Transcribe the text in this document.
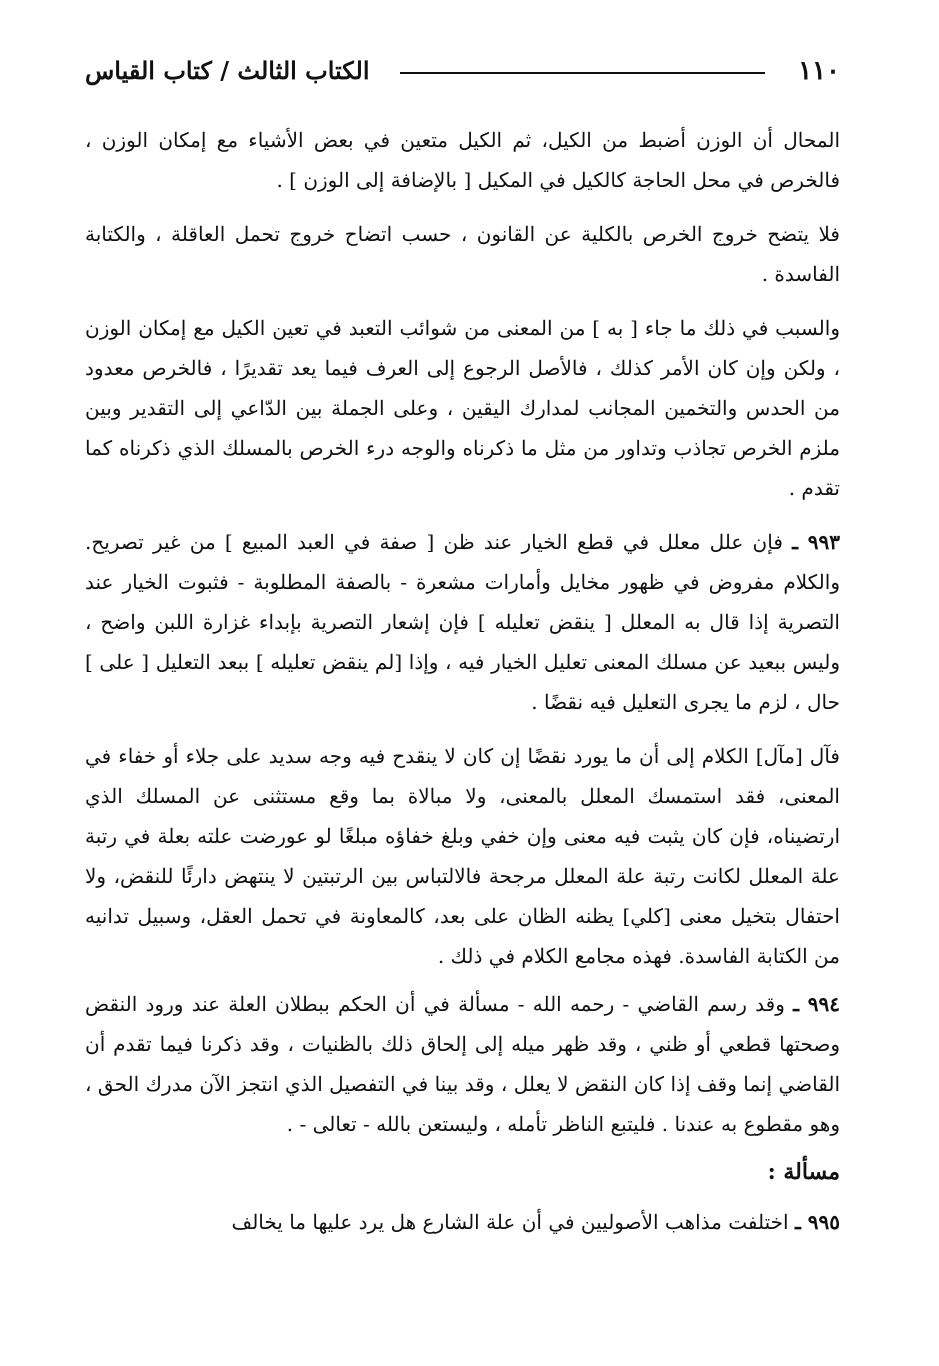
١١٠
الكتاب الثالث / كتاب القياس

المحال أن الوزن أضبط من الكيل، ثم الكيل متعين في بعض الأشياء مع إمكان الوزن ، فالخرص في محل الحاجة كالكيل في المكيل [ بالإضافة إلى الوزن ] .

فلا يتضح خروج الخرص بالكلية عن القانون ، حسب اتضاح خروج تحمل العاقلة ، والكتابة الفاسدة .

والسبب في ذلك ما جاء [ به ] من المعنى من شوائب التعبد في تعين الكيل مع إمكان الوزن ، ولكن وإن كان الأمر كذلك ، فالأصل الرجوع إلى العرف فيما يعد تقديرًا ، فالخرص معدود من الحدس والتخمين المجانب لمدارك اليقين ، وعلى الجملة بين الدّاعي إلى التقدير وبين ملزم الخرص تجاذب وتداور من مثل ما ذكرناه والوجه درء الخرص بالمسلك الذي ذكرناه كما تقدم .

٩٩٣ ـ فإن علل معلل في قطع الخيار عند ظن [ صفة في العبد المبيع ] من غير تصريح. والكلام مفروض في ظهور مخايل وأمارات مشعرة - بالصفة المطلوبة - فثبوت الخيار عند التصرية إذا قال به المعلل [ ينقض تعليله ] فإن إشعار التصرية بإبداء غزارة اللبن واضح ، وليس ببعيد عن مسلك المعنى تعليل الخيار فيه ، وإذا [لم ينقض تعليله ] ببعد التعليل [ على ] حال ، لزم ما يجرى التعليل فيه نقضًا .

فآل [مآل] الكلام إلى أن ما يورد نقضًا إن كان لا ينقدح فيه وجه سديد على جلاء أو خفاء في المعنى، فقد استمسك المعلل بالمعنى، ولا مبالاة بما وقع مستثنى عن المسلك الذي ارتضيناه، فإن كان يثبت فيه معنى وإن خفي وبلغ خفاؤه مبلغًا لو عورضت علته بعلة في رتبة علة المعلل لكانت رتبة علة المعلل مرجحة فالالتباس بين الرتبتين لا ينتهض دارئًا للنقض، ولا احتفال بتخيل معنى [كلي] يظنه الظان على بعد، كالمعاونة في تحمل العقل، وسبيل تدانيه من الكتابة الفاسدة. فهذه مجامع الكلام في ذلك .

٩٩٤ ـ وقد رسم القاضي - رحمه الله - مسألة في أن الحكم ببطلان العلة عند ورود النقض وصحتها قطعي أو ظني ، وقد ظهر ميله إلى إلحاق ذلك بالظنيات ، وقد ذكرنا فيما تقدم أن القاضي إنما وقف إذا كان النقض لا يعلل ، وقد بينا في التفصيل الذي انتجز الآن مدرك الحق ، وهو مقطوع به عندنا . فليتبع الناظر تأمله ، وليستعن بالله - تعالى - .

مسألة :

٩٩٥ ـ اختلفت مذاهب الأصوليين في أن علة الشارع هل يرد عليها ما يخالف
